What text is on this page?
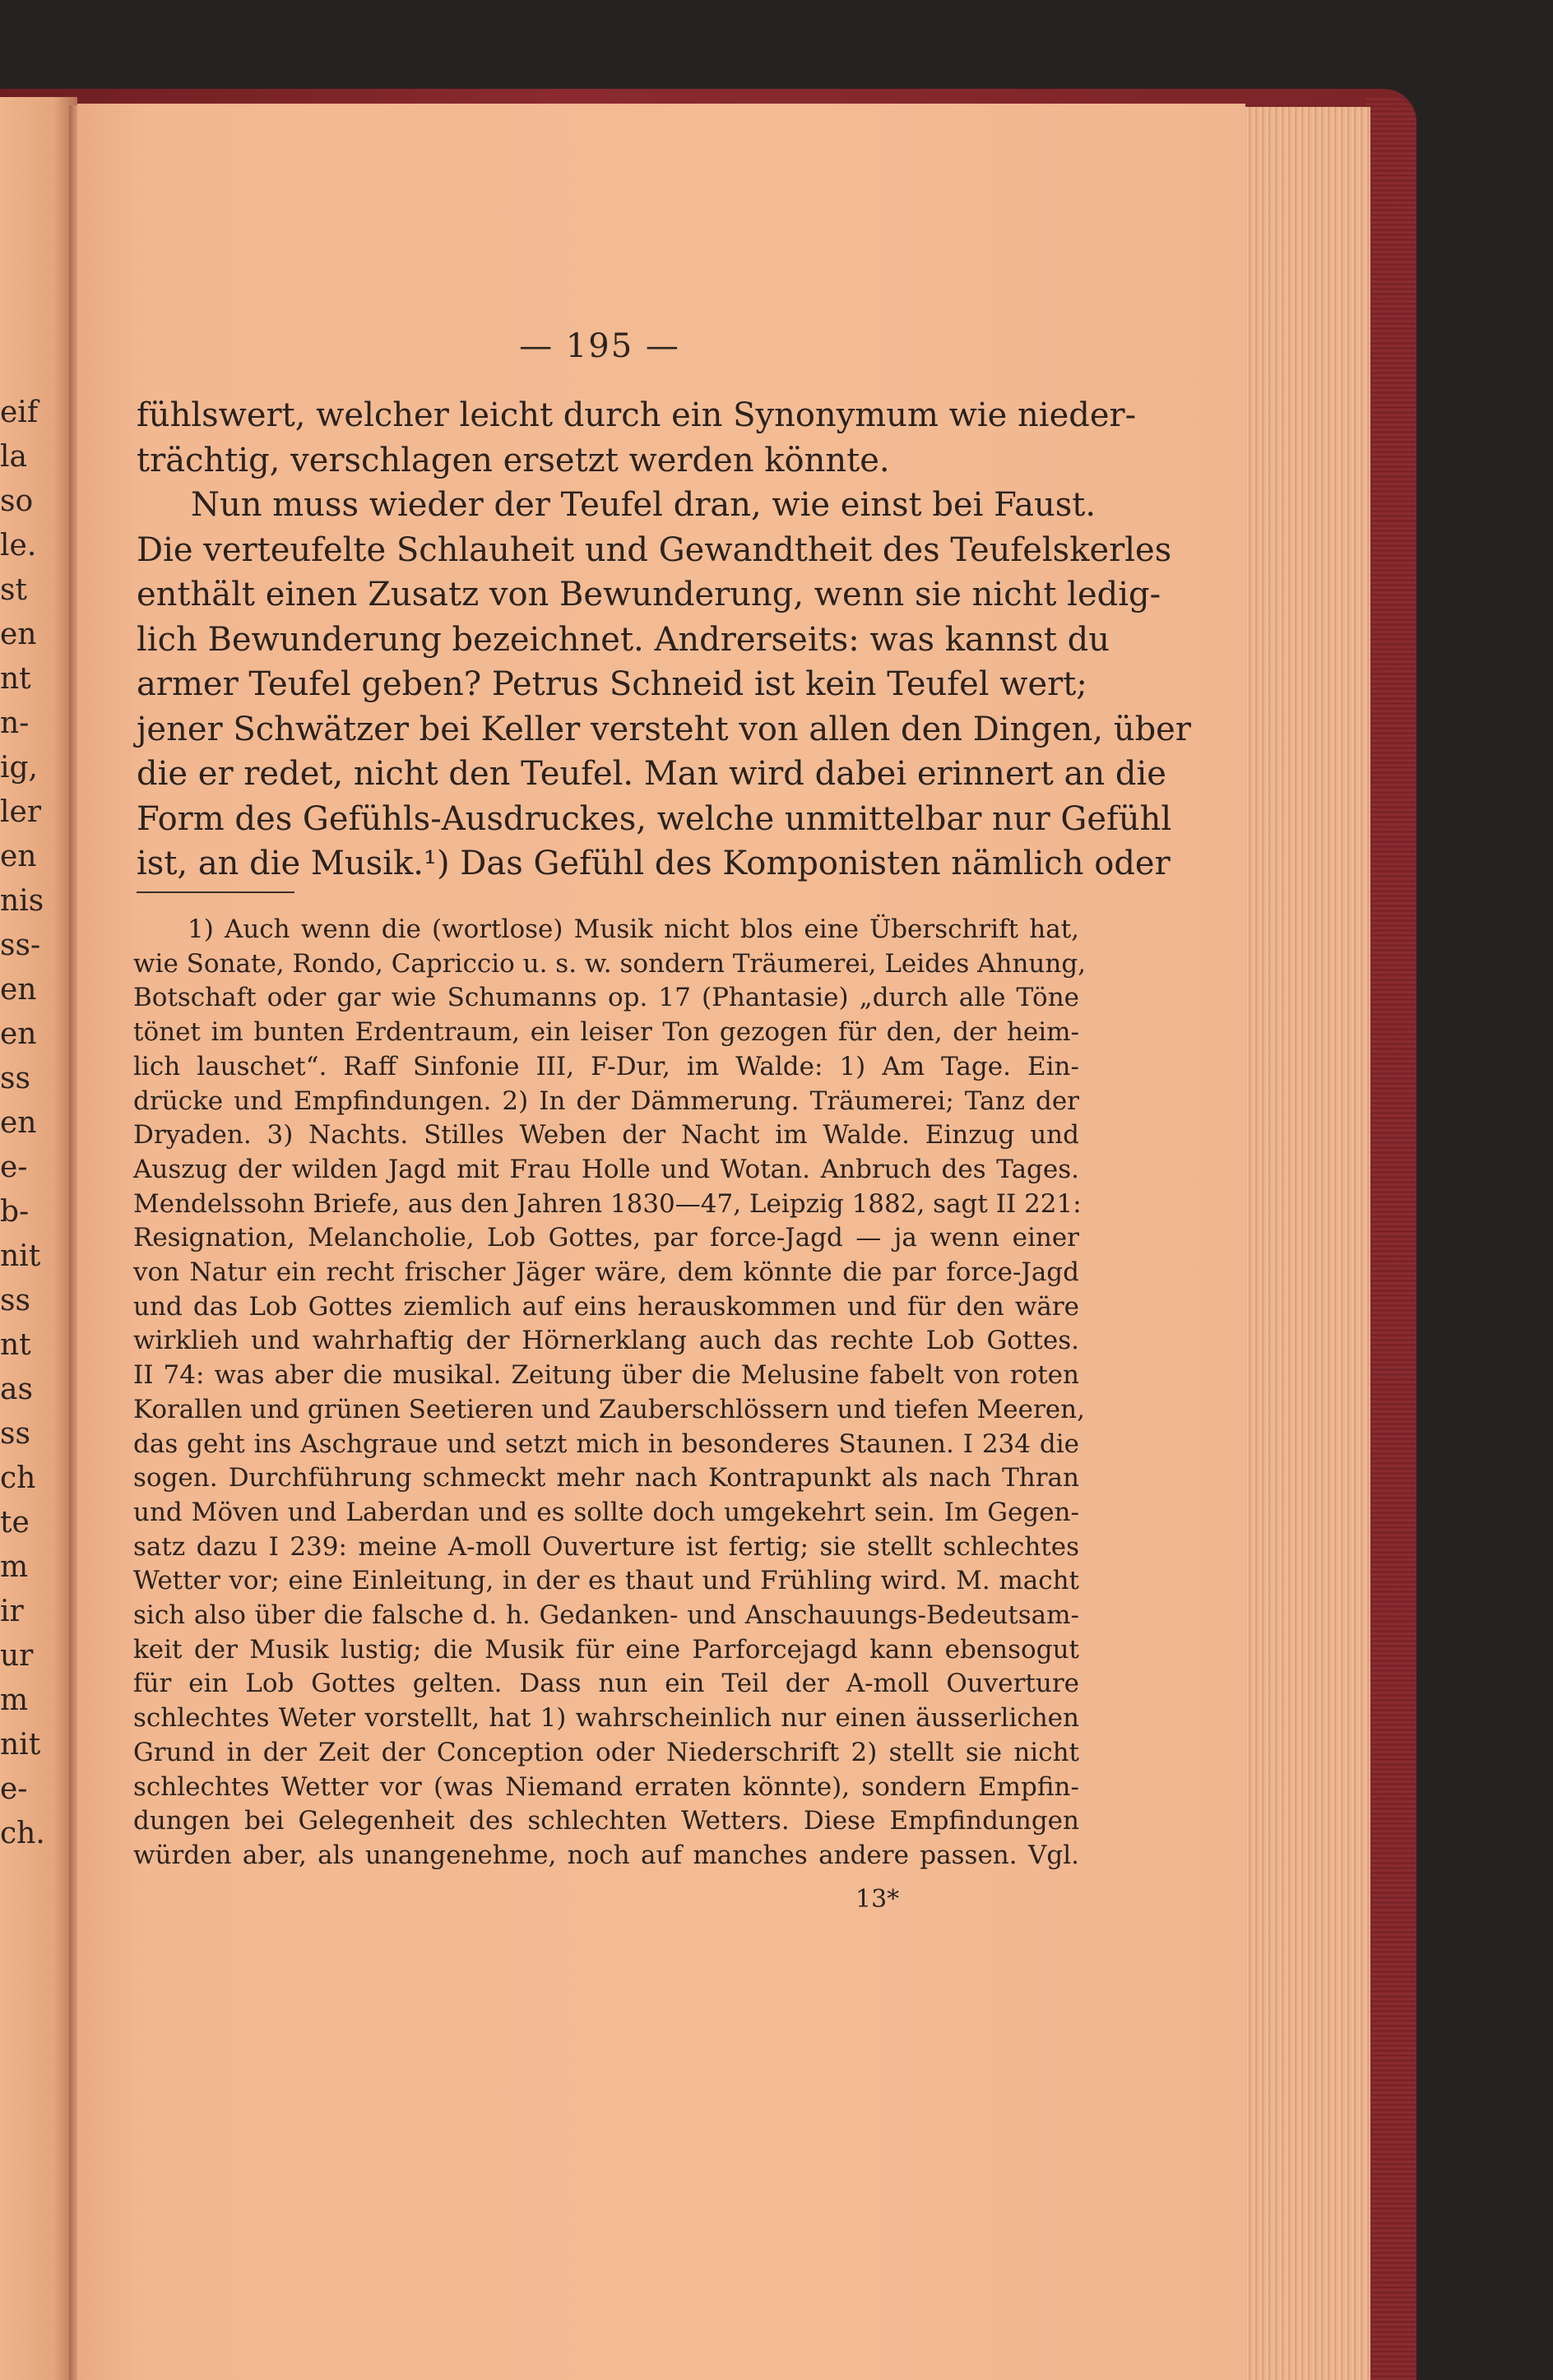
— 195 —
13*
eif
la
so
le.
st
en
nt
n-
ig,
ler
en
nis
ss-
en
en
ss
en
e-
b-
nit
ss
nt
as
ss
ch
te
m
ir
ur
m
nit
e-
ch.
fühlswert, welcher leicht durch ein Synonymum wie nieder-
trächtig, verschlagen ersetzt werden könnte.
Nun muss wieder der Teufel dran, wie einst bei Faust.
Die verteufelte Schlauheit und Gewandtheit des Teufelskerles
enthält einen Zusatz von Bewunderung, wenn sie nicht ledig-
lich Bewunderung bezeichnet. Andrerseits: was kannst du
armer Teufel geben? Petrus Schneid ist kein Teufel wert;
jener Schwätzer bei Keller versteht von allen den Dingen, über
die er redet, nicht den Teufel. Man wird dabei erinnert an die
Form des Gefühls-Ausdruckes, welche unmittelbar nur Gefühl
ist, an die Musik.¹) Das Gefühl des Komponisten nämlich oder
1) Auch wenn die (wortlose) Musik nicht blos eine Überschrift hat,
wie Sonate, Rondo, Capriccio u. s. w. sondern Träumerei, Leides Ahnung,
Botschaft oder gar wie Schumanns op. 17 (Phantasie) „durch alle Töne
tönet im bunten Erdentraum, ein leiser Ton gezogen für den, der heim-
lich lauschet“. Raff Sinfonie III, F-Dur, im Walde: 1) Am Tage. Ein-
drücke und Empfindungen. 2) In der Dämmerung. Träumerei; Tanz der
Dryaden. 3) Nachts. Stilles Weben der Nacht im Walde. Einzug und
Auszug der wilden Jagd mit Frau Holle und Wotan. Anbruch des Tages.
Mendelssohn Briefe, aus den Jahren 1830—47, Leipzig 1882, sagt II 221:
Resignation, Melancholie, Lob Gottes, par force-Jagd — ja wenn einer
von Natur ein recht frischer Jäger wäre, dem könnte die par force-Jagd
und das Lob Gottes ziemlich auf eins herauskommen und für den wäre
wirklieh und wahrhaftig der Hörnerklang auch das rechte Lob Gottes.
II 74: was aber die musikal. Zeitung über die Melusine fabelt von roten
Korallen und grünen Seetieren und Zauberschlössern und tiefen Meeren,
das geht ins Aschgraue und setzt mich in besonderes Staunen. I 234 die
sogen. Durchführung schmeckt mehr nach Kontrapunkt als nach Thran
und Möven und Laberdan und es sollte doch umgekehrt sein. Im Gegen-
satz dazu I 239: meine A-moll Ouverture ist fertig; sie stellt schlechtes
Wetter vor; eine Einleitung, in der es thaut und Frühling wird. M. macht
sich also über die falsche d. h. Gedanken- und Anschauungs-Bedeutsam-
keit der Musik lustig; die Musik für eine Parforcejagd kann ebensogut
für ein Lob Gottes gelten. Dass nun ein Teil der A-moll Ouverture
schlechtes Weter vorstellt, hat 1) wahrscheinlich nur einen äusserlichen
Grund in der Zeit der Conception oder Niederschrift 2) stellt sie nicht
schlechtes Wetter vor (was Niemand erraten könnte), sondern Empfin-
dungen bei Gelegenheit des schlechten Wetters. Diese Empfindungen
würden aber, als unangenehme, noch auf manches andere passen. Vgl.
